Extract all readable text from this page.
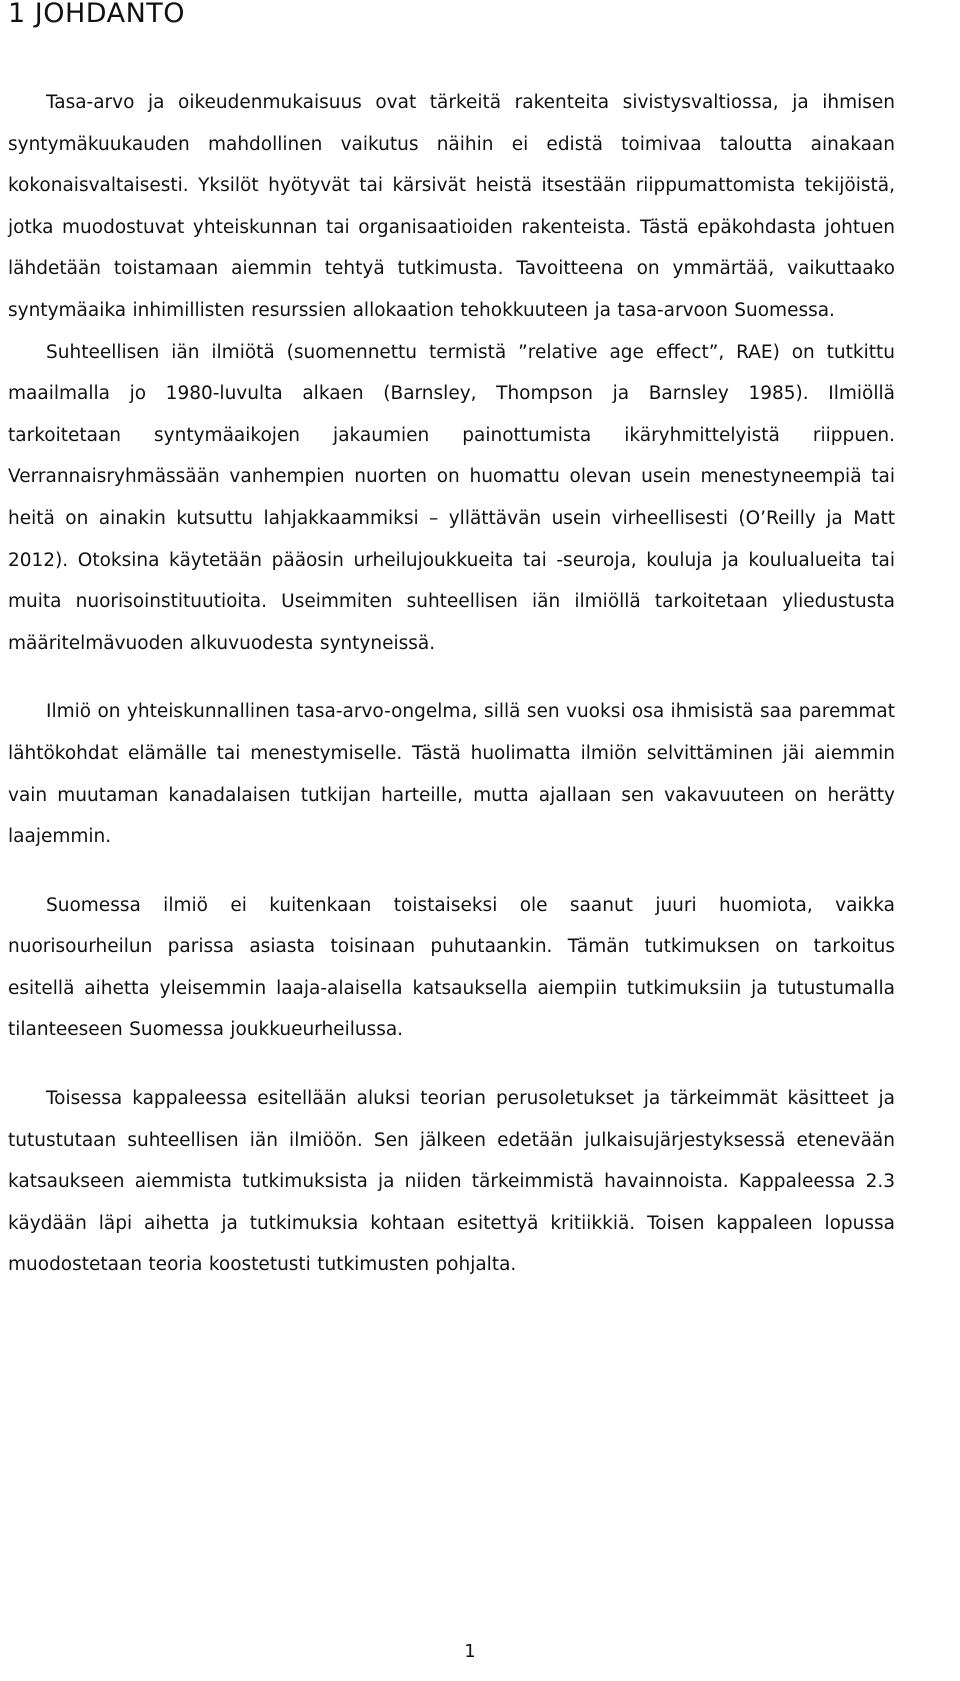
1 JOHDANTO

Tasa-arvo ja oikeudenmukaisuus ovat tärkeitä rakenteita sivistysvaltiossa, ja ihmisen syntymäkuukauden mahdollinen vaikutus näihin ei edistä toimivaa taloutta ainakaan kokonaisvaltaisesti. Yksilöt hyötyvät tai kärsivät heistä itsestään riippumattomista tekijöistä, jotka muodostuvat yhteiskunnan tai organisaatioiden rakenteista. Tästä epäkohdasta johtuen lähdetään toistamaan aiemmin tehtyä tutkimusta. Tavoitteena on ymmärtää, vaikuttaako syntymäaika inhimillisten resurssien allokaation tehokkuuteen ja tasa-arvoon Suomessa.

Suhteellisen iän ilmiötä (suomennettu termistä ”relative age effect”, RAE) on tutkittu maailmalla jo 1980-luvulta alkaen (Barnsley, Thompson ja Barnsley 1985). Ilmiöllä tarkoitetaan syntymäaikojen jakaumien painottumista ikäryhmittelyistä riippuen. Verrannaisryhmässään vanhempien nuorten on huomattu olevan usein menestyneempiä tai heitä on ainakin kutsuttu lahjakkaammiksi – yllättävän usein virheellisesti (O’Reilly ja Matt 2012). Otoksina käytetään pääosin urheilujoukkueita tai -seuroja, kouluja ja koulualueita tai muita nuorisoinstituutioita. Useimmiten suhteellisen iän ilmiöllä tarkoitetaan yliedustusta määritelmävuoden alkuvuodesta syntyneissä.

Ilmiö on yhteiskunnallinen tasa-arvo-ongelma, sillä sen vuoksi osa ihmisistä saa paremmat lähtökohdat elämälle tai menestymiselle. Tästä huolimatta ilmiön selvittäminen jäi aiemmin vain muutaman kanadalaisen tutkijan harteille, mutta ajallaan sen vakavuuteen on herätty laajemmin.

Suomessa ilmiö ei kuitenkaan toistaiseksi ole saanut juuri huomiota, vaikka nuorisourheilun parissa asiasta toisinaan puhutaankin. Tämän tutkimuksen on tarkoitus esitellä aihetta yleisemmin laaja-alaisella katsauksella aiempiin tutkimuksiin ja tutustumalla tilanteeseen Suomessa joukkueurheilussa.

Toisessa kappaleessa esitellään aluksi teorian perusoletukset ja tärkeimmät käsitteet ja tutustutaan suhteellisen iän ilmiöön. Sen jälkeen edetään julkaisujärjestyksessä etenevään katsaukseen aiemmista tutkimuksista ja niiden tärkeimmistä havainnoista. Kappaleessa 2.3 käydään läpi aihetta ja tutkimuksia kohtaan esitettyä kritiikkiä. Toisen kappaleen lopussa muodostetaan teoria koostetusti tutkimusten pohjalta.

1
